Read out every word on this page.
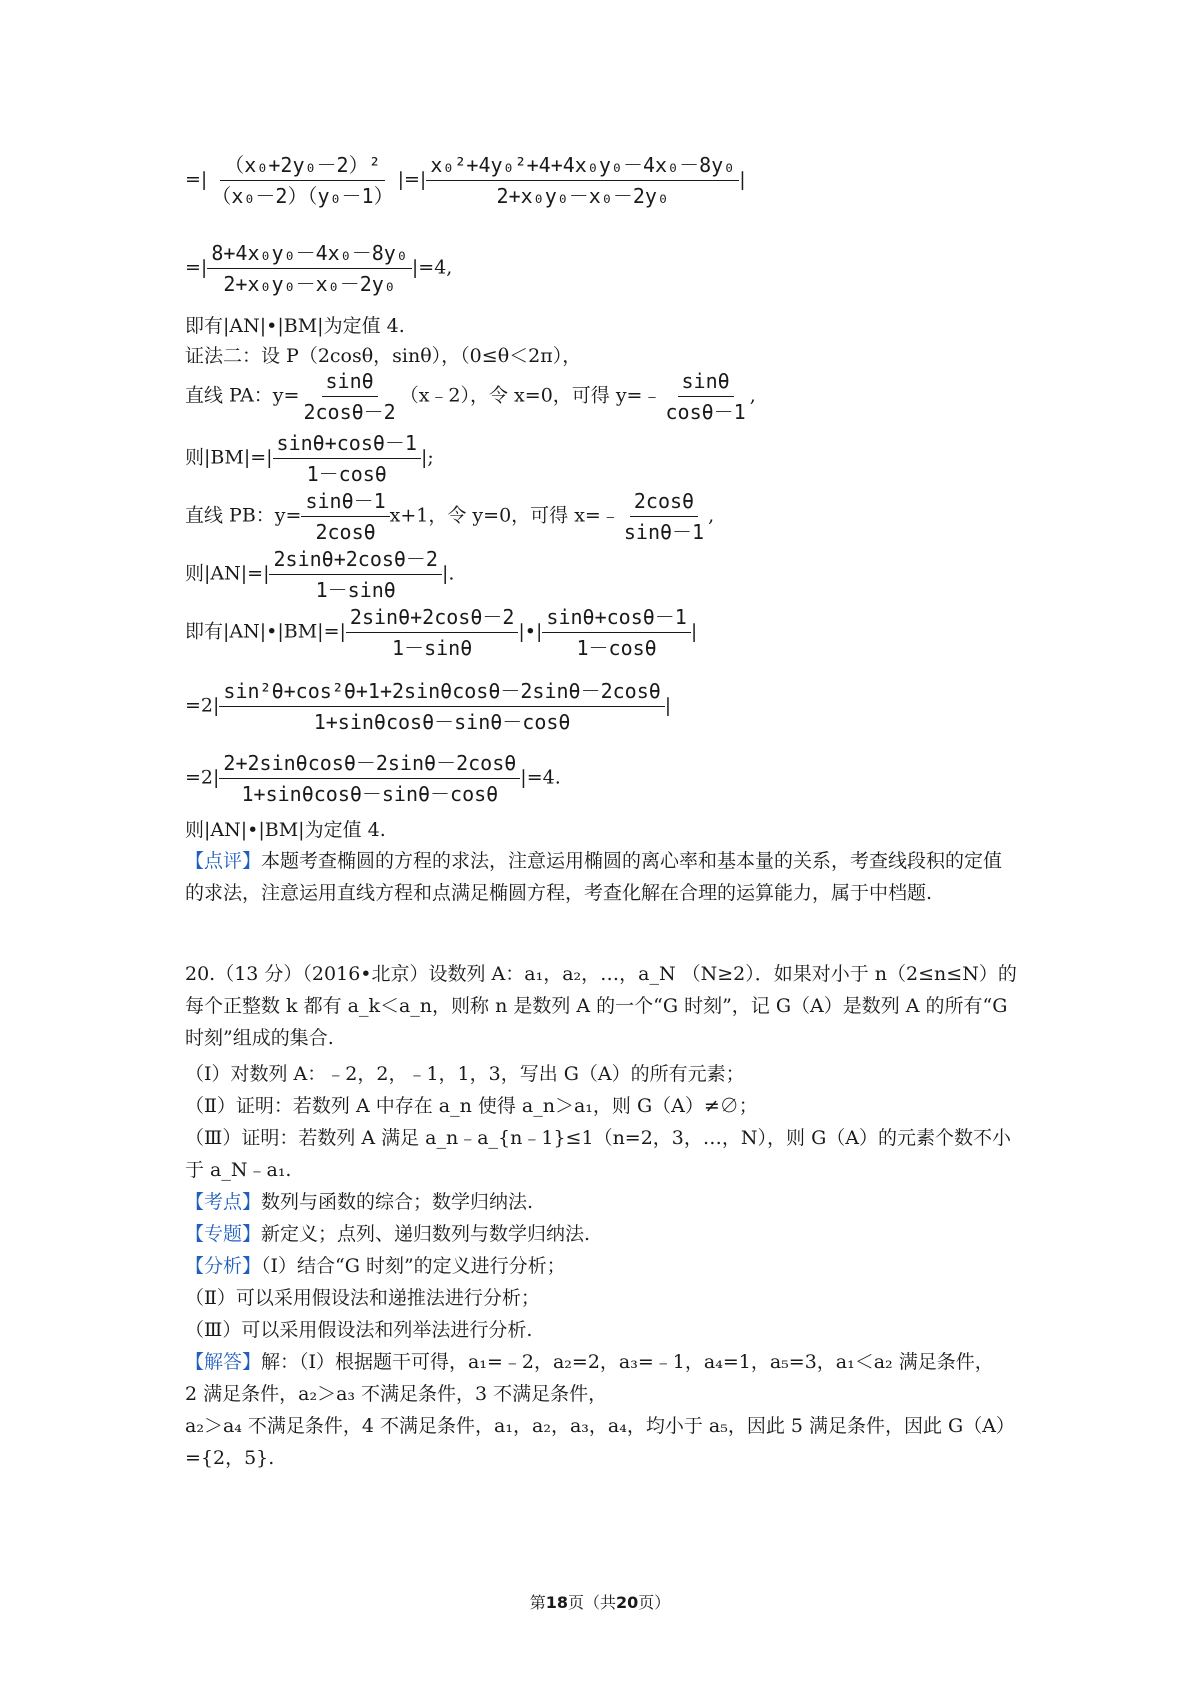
=| $\frac{\text{（x₀+2y₀－2）²}}{\text{（x₀－2）（y₀－1）}}$ |=| $\frac{\text{x₀²+4y₀²+4+4x₀y₀－4x₀－8y₀}}{\text{2+x₀y₀－x₀－2y₀}}$ |
=| $\frac{\text{8+4x₀y₀－4x₀－8y₀}}{\text{2+x₀y₀－x₀－2y₀}} |=4$,
即有|AN|•|BM|为定值 4.
证法二：设 P（2cosθ，sinθ），（0≤θ＜2π），
直线 PA：$y= \frac{\sin\theta}{2\cos\theta-2}$ （x﹣2），令 x=0，可得 y=﹣ $\frac{\sin\theta}{\cos\theta-1}$ ,
则$|BM|=| \frac{\sin\theta+\cos\theta-1}{1-\cos\theta}$ |;
直线 PB：$y= \frac{\sin\theta-1}{2\cos\theta} x+1$，令 y=0，可得 x=﹣ $\frac{2\cos\theta}{\sin\theta-1}$ ,
则$|AN|=| \frac{2\sin\theta+2\cos\theta-2}{1-\sin\theta}$ |.
即有|AN|•|BM|=| $\frac{2\sin\theta+2\cos\theta-2}{1-\sin\theta}$ |•| $\frac{\sin\theta+\cos\theta-1}{1-\cos\theta}$ |
$=2| \frac{\text{sin²θ+cos²θ+1+2sinθcosθ－2sinθ－2cosθ}}{1+\sin\theta\cos\theta-\sin\theta-\cos\theta}$ |
$=2| \frac{2+2\sin\theta\cos\theta-2\sin\theta-2\cos\theta}{1+\sin\theta\cos\theta-\sin\theta-\cos\theta} |=4$.
则|AN|•|BM|为定值 4.
【点评】本题考查椭圆的方程的求法，注意运用椭圆的离心率和基本量的关系，考查线段积的定值的求法，注意运用直线方程和点满足椭圆方程，考查化解在合理的运算能力，属于中档题.
20.（13 分）（2016•北京）设数列 A：a₁，a₂，…，a_N （N≥2）．如果对小于 n（2≤n≤N）的每个正整数 k 都有 a_k＜a_n，则称 n 是数列 A 的一个“G 时刻”，记 G（A）是数列 A 的所有“G 时刻”组成的集合.
（Ⅰ）对数列 A：﹣2，2，﹣1，1，3，写出 G（A）的所有元素；
（Ⅱ）证明：若数列 A 中存在 a_n 使得 a_n＞a₁，则 G（A）≠∅；
（Ⅲ）证明：若数列 A 满足 a_n﹣a_{n﹣1}≤1（n=2，3，…，N），则 G（A）的元素个数不小于 a_N﹣a₁.
【考点】数列与函数的综合；数学归纳法.
【专题】新定义；点列、递归数列与数学归纳法.
【分析】（Ⅰ）结合“G 时刻”的定义进行分析；
（Ⅱ）可以采用假设法和递推法进行分析；
（Ⅲ）可以采用假设法和列举法进行分析.
【解答】解：（Ⅰ）根据题干可得，a₁=﹣2，a₂=2，a₃=﹣1，a₄=1，a₅=3，a₁＜a₂ 满足条件，
2 满足条件，a₂＞a₃ 不满足条件，3 不满足条件，
a₂＞a₄ 不满足条件，4 不满足条件，a₁，a₂，a₃，a₄，均小于 a₅，因此 5 满足条件，因此 G（A）={2，5}.
第18页（共20页）
